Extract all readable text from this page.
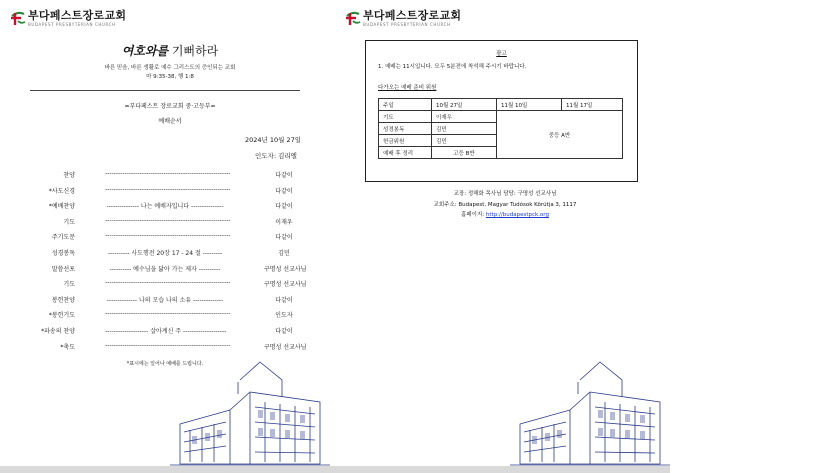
부다페스트장로교회
BUDAPEST PRESBYTERIAN CHURCH
여호와를 기뻐하라
바른 믿음, 바른 생활로 예수 그리스도의 증인되는 교회
마 9:35-38, 행 1:8
=부다페스트 장로교회 중·고등부=
예배순서
2024년 10월 27일
인도자: 김리엘
찬양	----------------------------------------------------------	다같이
*사도신경	----------------------------------------------------------	다같이
*예배찬양	--------------- 나는 예배자입니다 ---------------	다같이
기도	----------------------------------------------------------	이재우
주기도문	----------------------------------------------------------	다같이
성경봉독	---------- 사도행전 20장 17 - 24 절 ---------	김민
말씀선포	---------- 예수님을 닮아 가는 제자 ----------	구명성 선교사님
기도	----------------------------------------------------------	구명성 선교사님
봉헌찬양	-------------- 나의 모습 나의 소유 --------------	다같이
*봉헌기도	----------------------------------------------------------	인도자
*파송의 찬양	-------------------- 살아계신 주 --------------------	다같이
*축도	----------------------------------------------------------	구명성 선교사님
*표시에는 일어나 예배를 드립니다.
부다페스트장로교회
BUDAPEST PRESBYTERIAN CHURCH
광고
1. 예배는 11시입니다. 모두 5분전에 착석해 주시기 바랍니다.
다가오는 예배 준비 위원
주일	10월 27일	11월 10일	11월 17일
기도	이재우	중등 A반	
성경봉독	김민		
헌금위원	김민		
예배 후 정리	고등 B반		
교장: 정해화 목사님 담당: 구명성 선교사님
교회주소: Budapest, Magyar Tudósok Körútja 3, 1117
홈페이지: http://budapestpck.org
